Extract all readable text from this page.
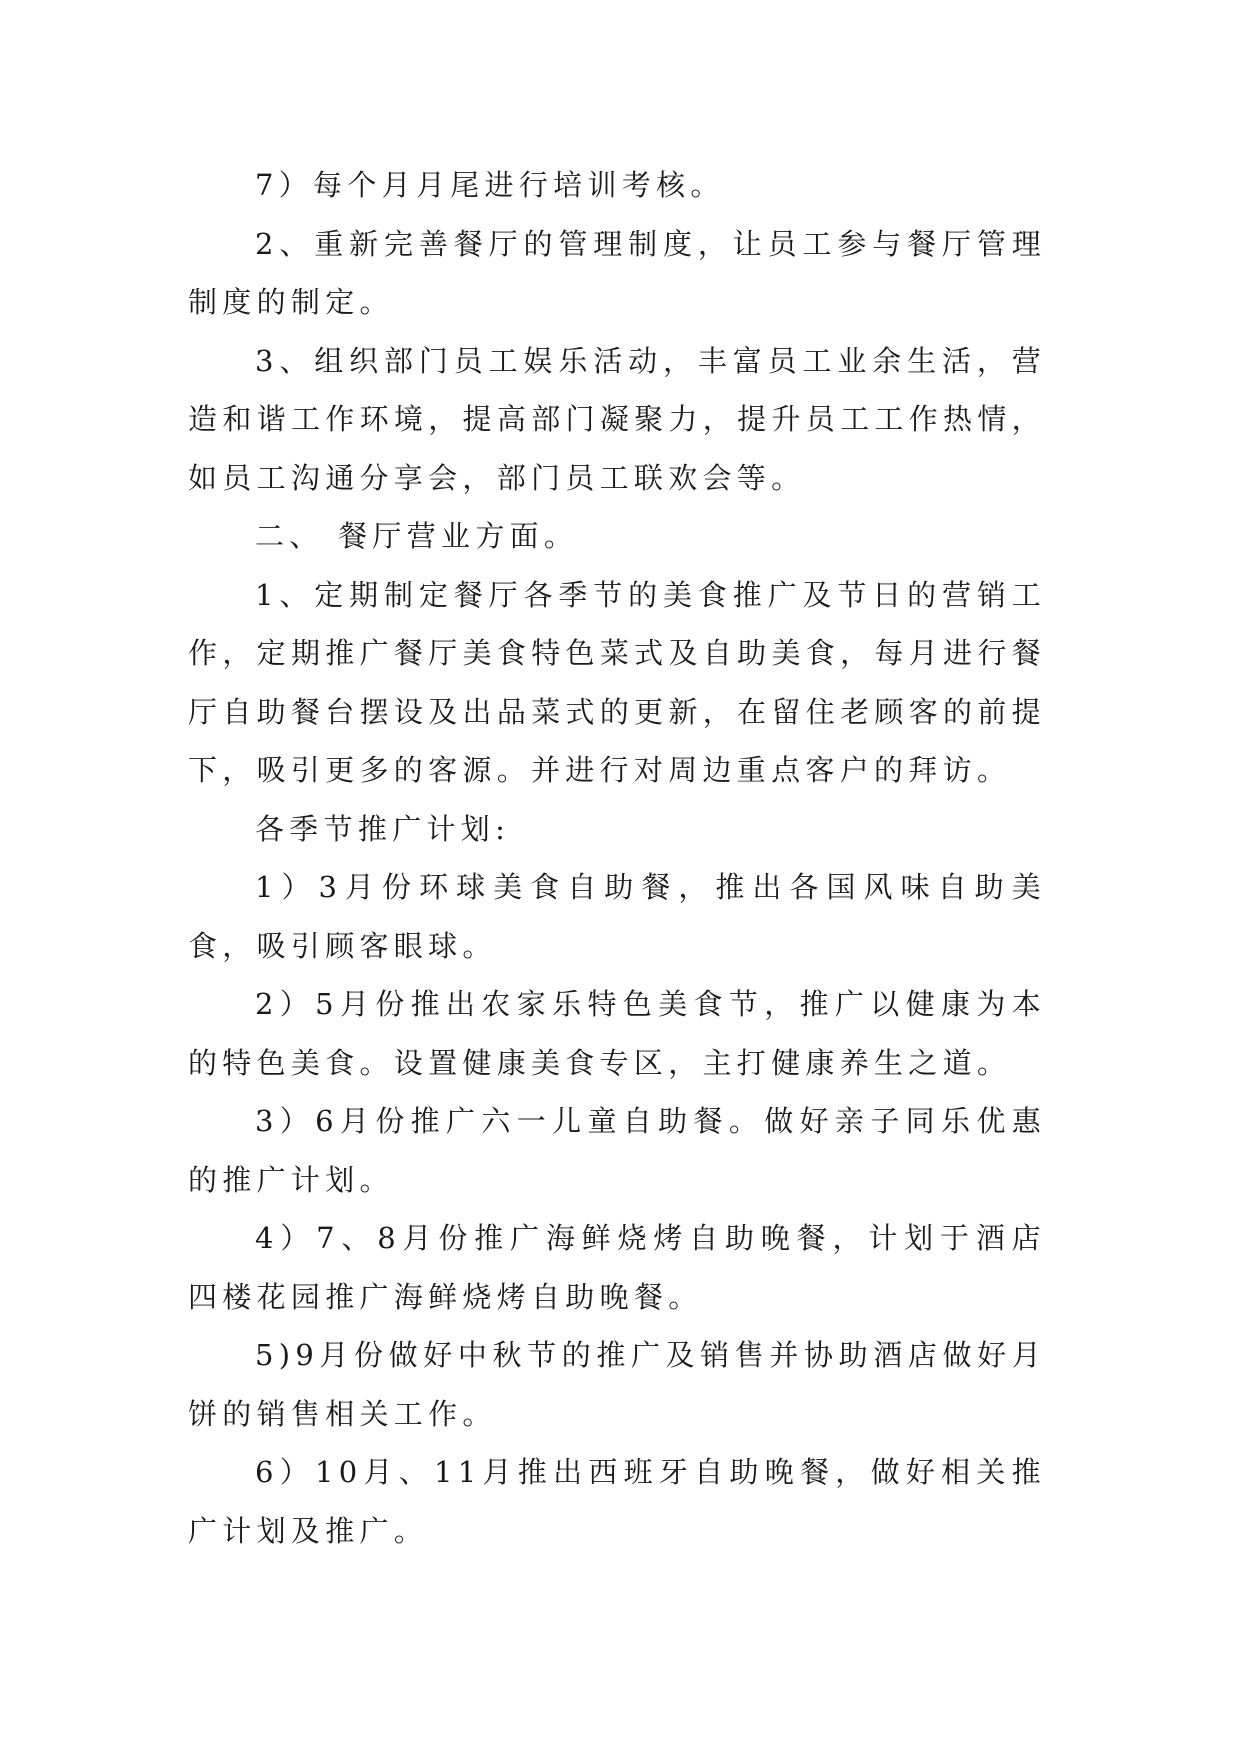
7）每个月月尾进行培训考核。

2、重新完善餐厅的管理制度，让员工参与餐厅管理制度的制定。

3、组织部门员工娱乐活动，丰富员工业余生活，营造和谐工作环境，提高部门凝聚力，提升员工工作热情，如员工沟通分享会，部门员工联欢会等。

二、 餐厅营业方面。

1、定期制定餐厅各季节的美食推广及节日的营销工作，定期推广餐厅美食特色菜式及自助美食，每月进行餐厅自助餐台摆设及出品菜式的更新，在留住老顾客的前提下，吸引更多的客源。并进行对周边重点客户的拜访。

各季节推广计划:

1）3月份环球美食自助餐，推出各国风味自助美食，吸引顾客眼球。

2）5月份推出农家乐特色美食节，推广以健康为本的特色美食。设置健康美食专区，主打健康养生之道。

3）6月份推广六一儿童自助餐。做好亲子同乐优惠的推广计划。

4）7、8月份推广海鲜烧烤自助晚餐，计划于酒店四楼花园推广海鲜烧烤自助晚餐。

5)9月份做好中秋节的推广及销售并协助酒店做好月饼的销售相关工作。

6）10月、11月推出西班牙自助晚餐，做好相关推广计划及推广。
